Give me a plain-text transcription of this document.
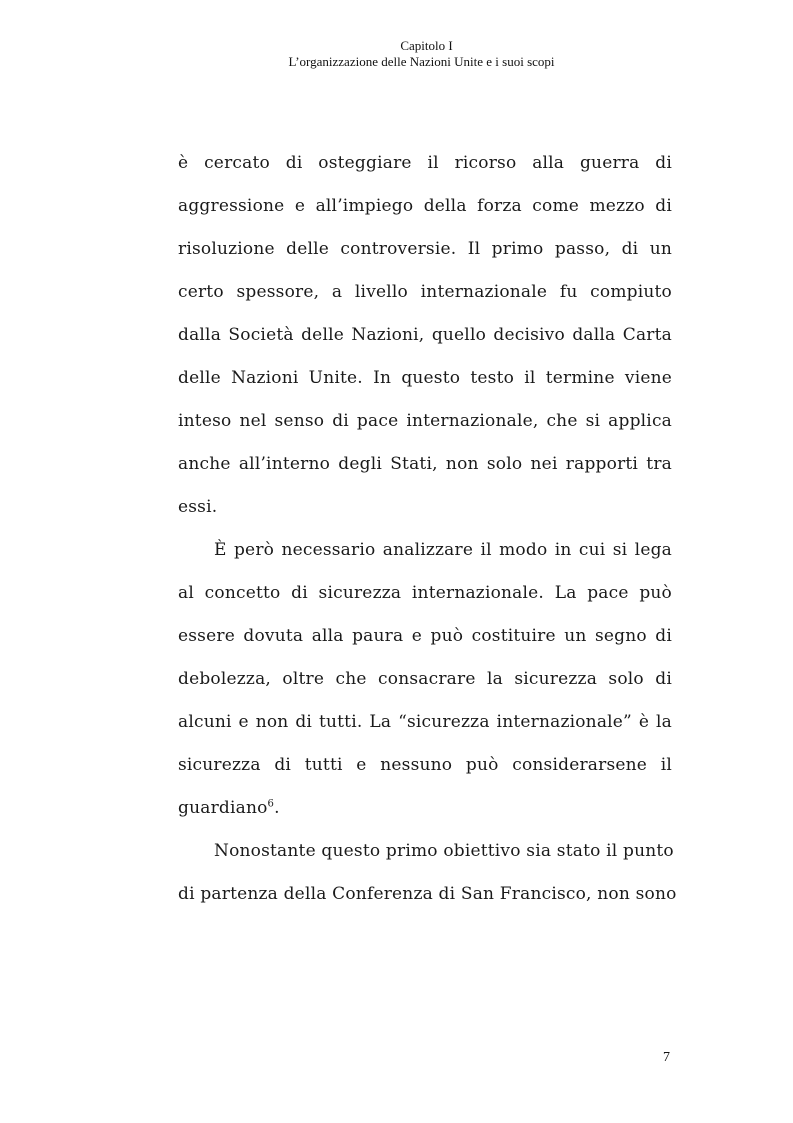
Capitolo I
L’organizzazione delle Nazioni Unite e i suoi scopi
è cercato di osteggiare il ricorso alla guerra di
aggressione e all’impiego della forza come mezzo di
risoluzione delle controversie. Il primo passo, di un
certo spessore, a livello internazionale fu compiuto
dalla Società delle Nazioni, quello decisivo dalla Carta
delle Nazioni Unite. In questo testo il termine viene
inteso nel senso di pace internazionale, che si applica
anche all’interno degli Stati, non solo nei rapporti tra
essi.
È però necessario analizzare il modo in cui si lega
al concetto di sicurezza internazionale. La pace può
essere dovuta alla paura e può costituire un segno di
debolezza, oltre che consacrare la sicurezza solo di
alcuni e non di tutti. La “sicurezza internazionale” è la
sicurezza di tutti e nessuno può considerarsene il
guardiano$^6$.
Nonostante questo primo obiettivo sia stato il punto
di partenza della Conferenza di San Francisco, non sono
7
